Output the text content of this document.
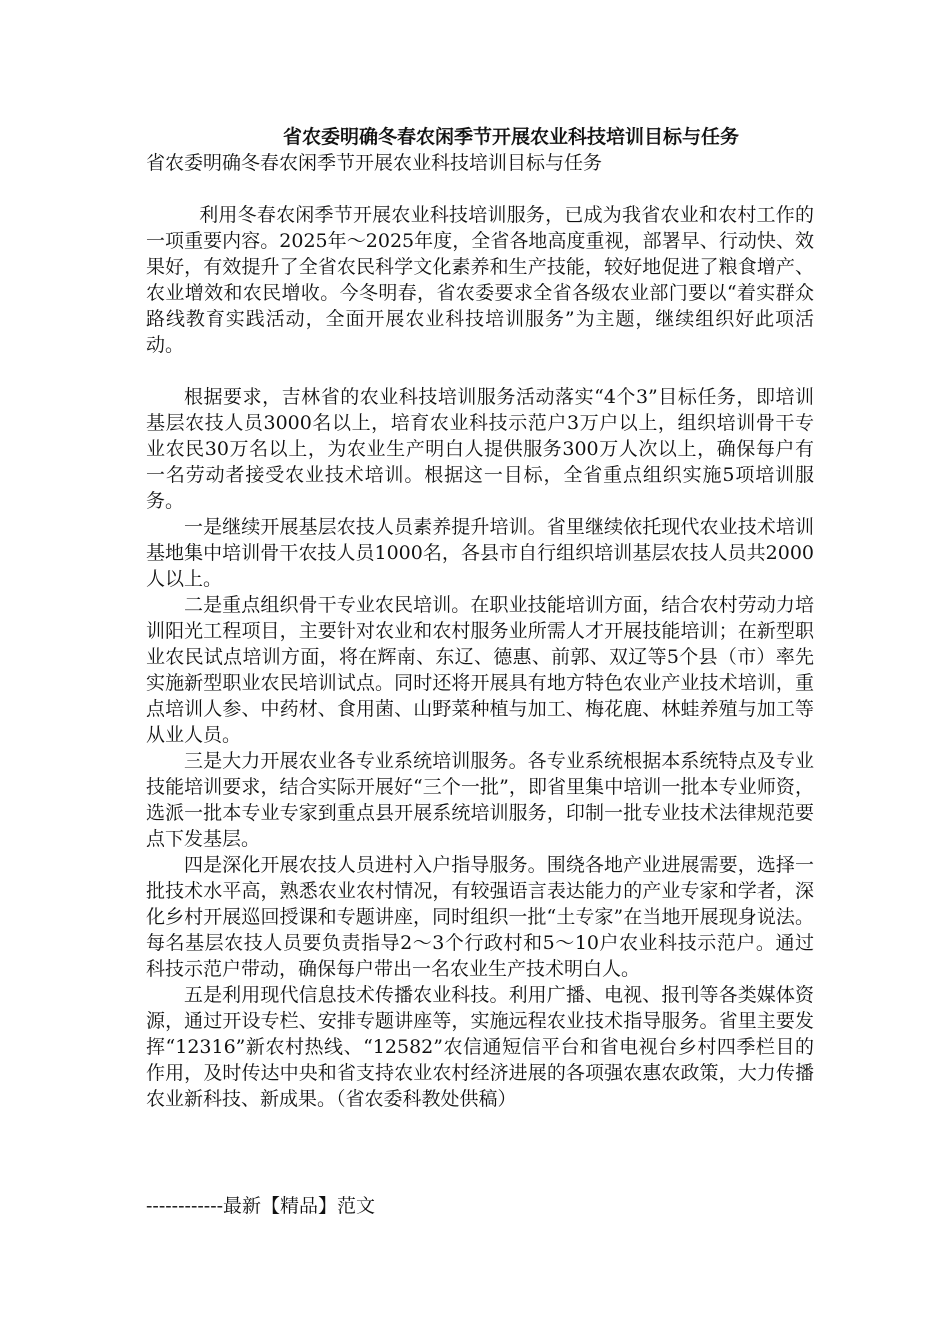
省农委明确冬春农闲季节开展农业科技培训目标与任务
省农委明确冬春农闲季节开展农业科技培训目标与任务

利用冬春农闲季节开展农业科技培训服务，已成为我省农业和农村工作的一项重要内容。2025年～2025年度，全省各地高度重视，部署早、行动快、效果好，有效提升了全省农民科学文化素养和生产技能，较好地促进了粮食增产、农业增效和农民增收。今冬明春，省农委要求全省各级农业部门要以“着实群众路线教育实践活动，全面开展农业科技培训服务”为主题，继续组织好此项活动。

根据要求，吉林省的农业科技培训服务活动落实“4个3”目标任务，即培训基层农技人员3000名以上，培育农业科技示范户3万户以上，组织培训骨干专业农民30万名以上，为农业生产明白人提供服务300万人次以上，确保每户有一名劳动者接受农业技术培训。根据这一目标，全省重点组织实施5项培训服务。

一是继续开展基层农技人员素养提升培训。省里继续依托现代农业技术培训基地集中培训骨干农技人员1000名，各县市自行组织培训基层农技人员共2000人以上。

二是重点组织骨干专业农民培训。在职业技能培训方面，结合农村劳动力培训阳光工程项目，主要针对农业和农村服务业所需人才开展技能培训；在新型职业农民试点培训方面，将在辉南、东辽、德惠、前郭、双辽等5个县（市）率先实施新型职业农民培训试点。同时还将开展具有地方特色农业产业技术培训，重点培训人参、中药材、食用菌、山野菜种植与加工、梅花鹿、林蛙养殖与加工等从业人员。

三是大力开展农业各专业系统培训服务。各专业系统根据本系统特点及专业技能培训要求，结合实际开展好“三个一批”，即省里集中培训一批本专业师资，选派一批本专业专家到重点县开展系统培训服务，印制一批专业技术法律规范要点下发基层。

四是深化开展农技人员进村入户指导服务。围绕各地产业进展需要，选择一批技术水平高，熟悉农业农村情况，有较强语言表达能力的产业专家和学者，深化乡村开展巡回授课和专题讲座，同时组织一批“土专家”在当地开展现身说法。每名基层农技人员要负责指导2～3个行政村和5～10户农业科技示范户。通过科技示范户带动，确保每户带出一名农业生产技术明白人。

五是利用现代信息技术传播农业科技。利用广播、电视、报刊等各类媒体资源，通过开设专栏、安排专题讲座等，实施远程农业技术指导服务。省里主要发挥“12316”新农村热线、“12582”农信通短信平台和省电视台乡村四季栏目的作用，及时传达中央和省支持农业农村经济进展的各项强农惠农政策，大力传播农业新科技、新成果。（省农委科教处供稿）

------------最新【精品】范文
